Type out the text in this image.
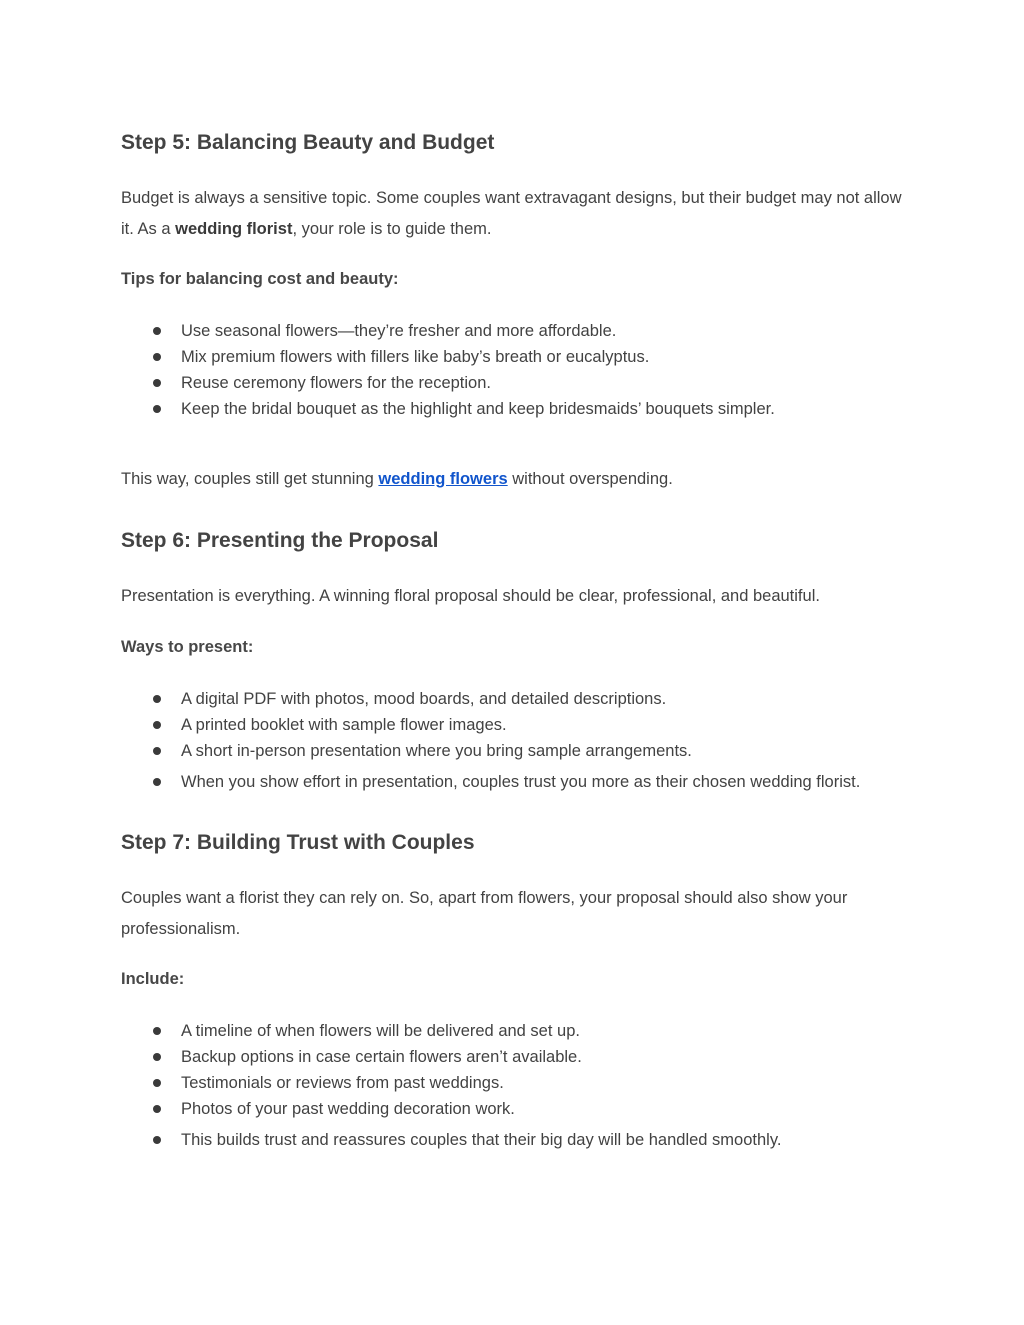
Step 5: Balancing Beauty and Budget

Budget is always a sensitive topic. Some couples want extravagant designs, but their budget may not allow it. As a wedding florist, your role is to guide them.

Tips for balancing cost and beauty:

Use seasonal flowers—they’re fresher and more affordable.
Mix premium flowers with fillers like baby’s breath or eucalyptus.
Reuse ceremony flowers for the reception.
Keep the bridal bouquet as the highlight and keep bridesmaids’ bouquets simpler.

This way, couples still get stunning wedding flowers without overspending.

Step 6: Presenting the Proposal

Presentation is everything. A winning floral proposal should be clear, professional, and beautiful.

Ways to present:

A digital PDF with photos, mood boards, and detailed descriptions.
A printed booklet with sample flower images.
A short in-person presentation where you bring sample arrangements.
When you show effort in presentation, couples trust you more as their chosen wedding florist.
Step 7: Building Trust with Couples

Couples want a florist they can rely on. So, apart from flowers, your proposal should also show your professionalism.

Include:

A timeline of when flowers will be delivered and set up.
Backup options in case certain flowers aren’t available.
Testimonials or reviews from past weddings.
Photos of your past wedding decoration work.
This builds trust and reassures couples that their big day will be handled smoothly.
